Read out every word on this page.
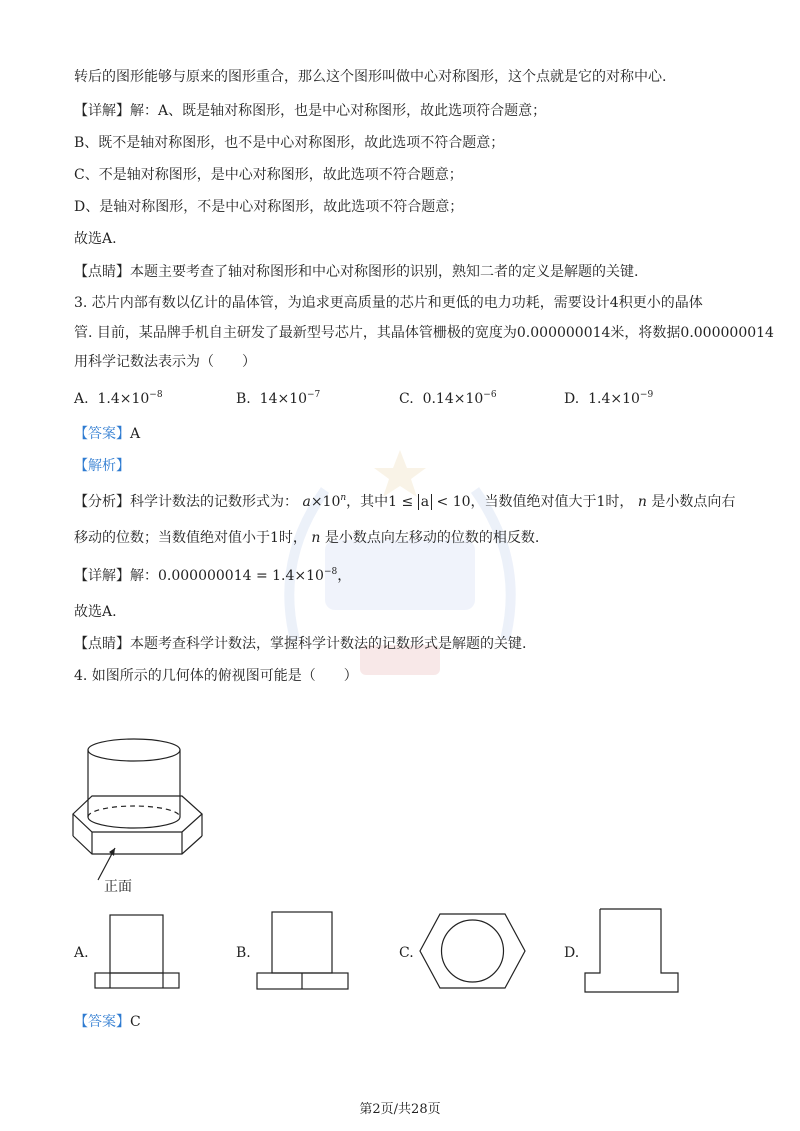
转后的图形能够与原来的图形重合，那么这个图形叫做中心对称图形，这个点就是它的对称中心.
【详解】解：A、既是轴对称图形，也是中心对称图形，故此选项符合题意；
B、既不是轴对称图形，也不是中心对称图形，故此选项不符合题意；
C、不是轴对称图形，是中心对称图形，故此选项不符合题意；
D、是轴对称图形，不是中心对称图形，故此选项不符合题意；
故选A.
【点睛】本题主要考查了轴对称图形和中心对称图形的识别，熟知二者的定义是解题的关键.
3. 芯片内部有数以亿计的晶体管，为追求更高质量的芯片和更低的电力功耗，需要设计4积更小的晶体
管. 目前，某品牌手机自主研发了最新型号芯片，其晶体管栅极的宽度为0.000000014米，将数据0.000000014
用科学记数法表示为（　　）
A. $1.4\times 10^{-8}$	B. $14\times 10^{-7}$	C. $0.14\times 10^{-6}$	D. $1.4\times 10^{-9}$
【答案】A
【解析】
【分析】科学计数法的记数形式为： $a\times 10^n$，其中1 ≤ a < 10，当数值绝对值大于1时， n 是小数点向右
移动的位数；当数值绝对值小于1时， n 是小数点向左移动的位数的相反数.
【详解】解：$0.000000014 = 1.4\times 10^{-8}$，
故选A.
【点睛】本题考查科学计数法，掌握科学计数法的记数形式是解题的关键.
4. 如图所示的几何体的俯视图可能是（　　）
正面
A.	B.	C.	D.
【答案】C
第2页/共28页
